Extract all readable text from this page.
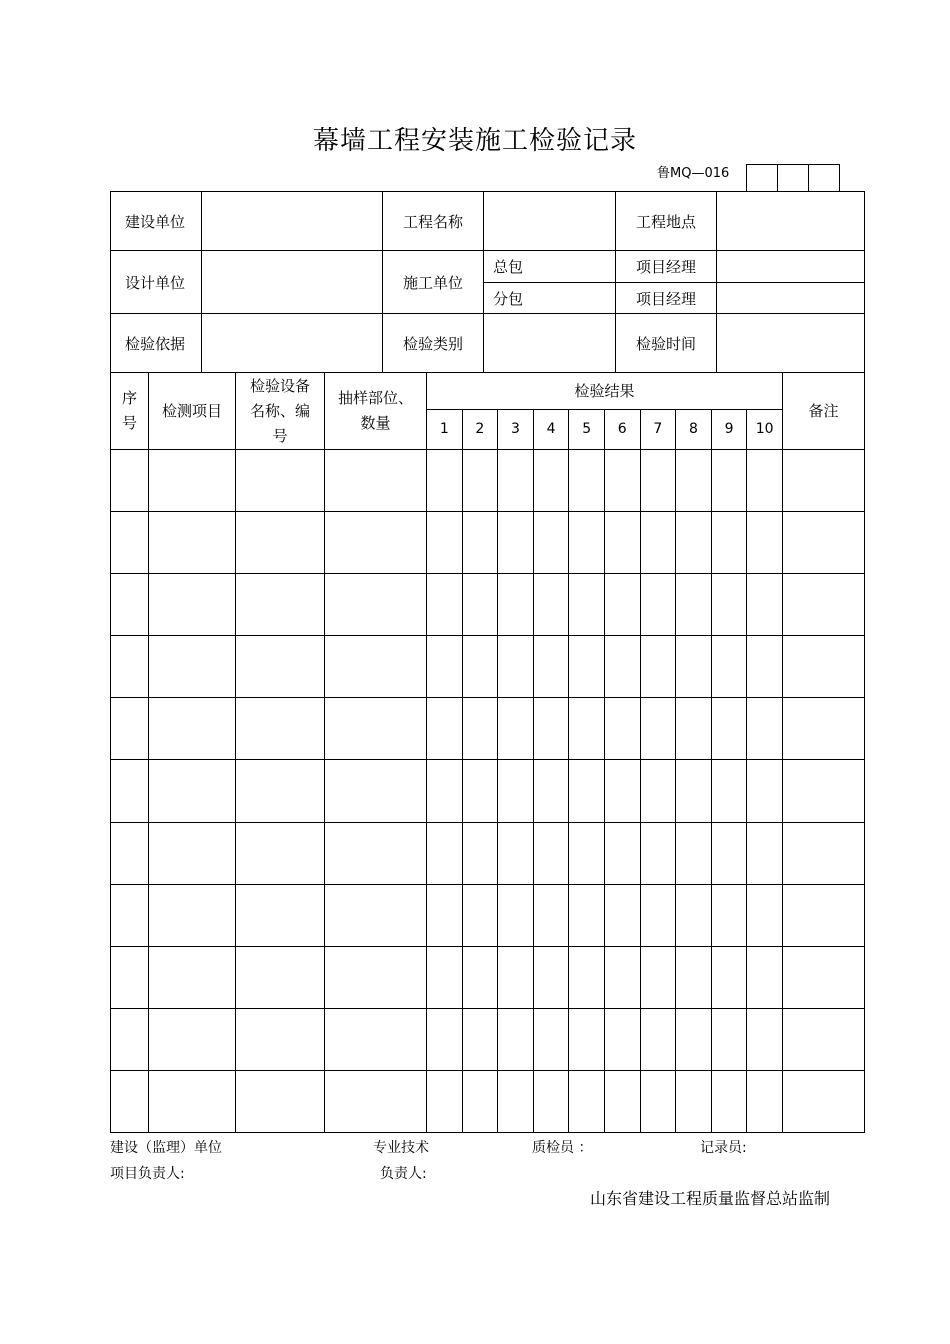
幕墙工程安装施工检验记录
鲁MQ—016
建设单位		工程名称		工程地点	
设计单位		施工单位	总包	项目经理	
			分包	项目经理	
检验依据		检验类别		检验时间	
序号	检测项目	检验设备名称、编号	抽样部位、数量	检验结果										备注
				1	2	3	4	5	6	7	8	9	10	

建设（监理）单位
项目负责人:
专业技术
负责人:
质检员 ：	记录员:
山东省建设工程质量监督总站监制
